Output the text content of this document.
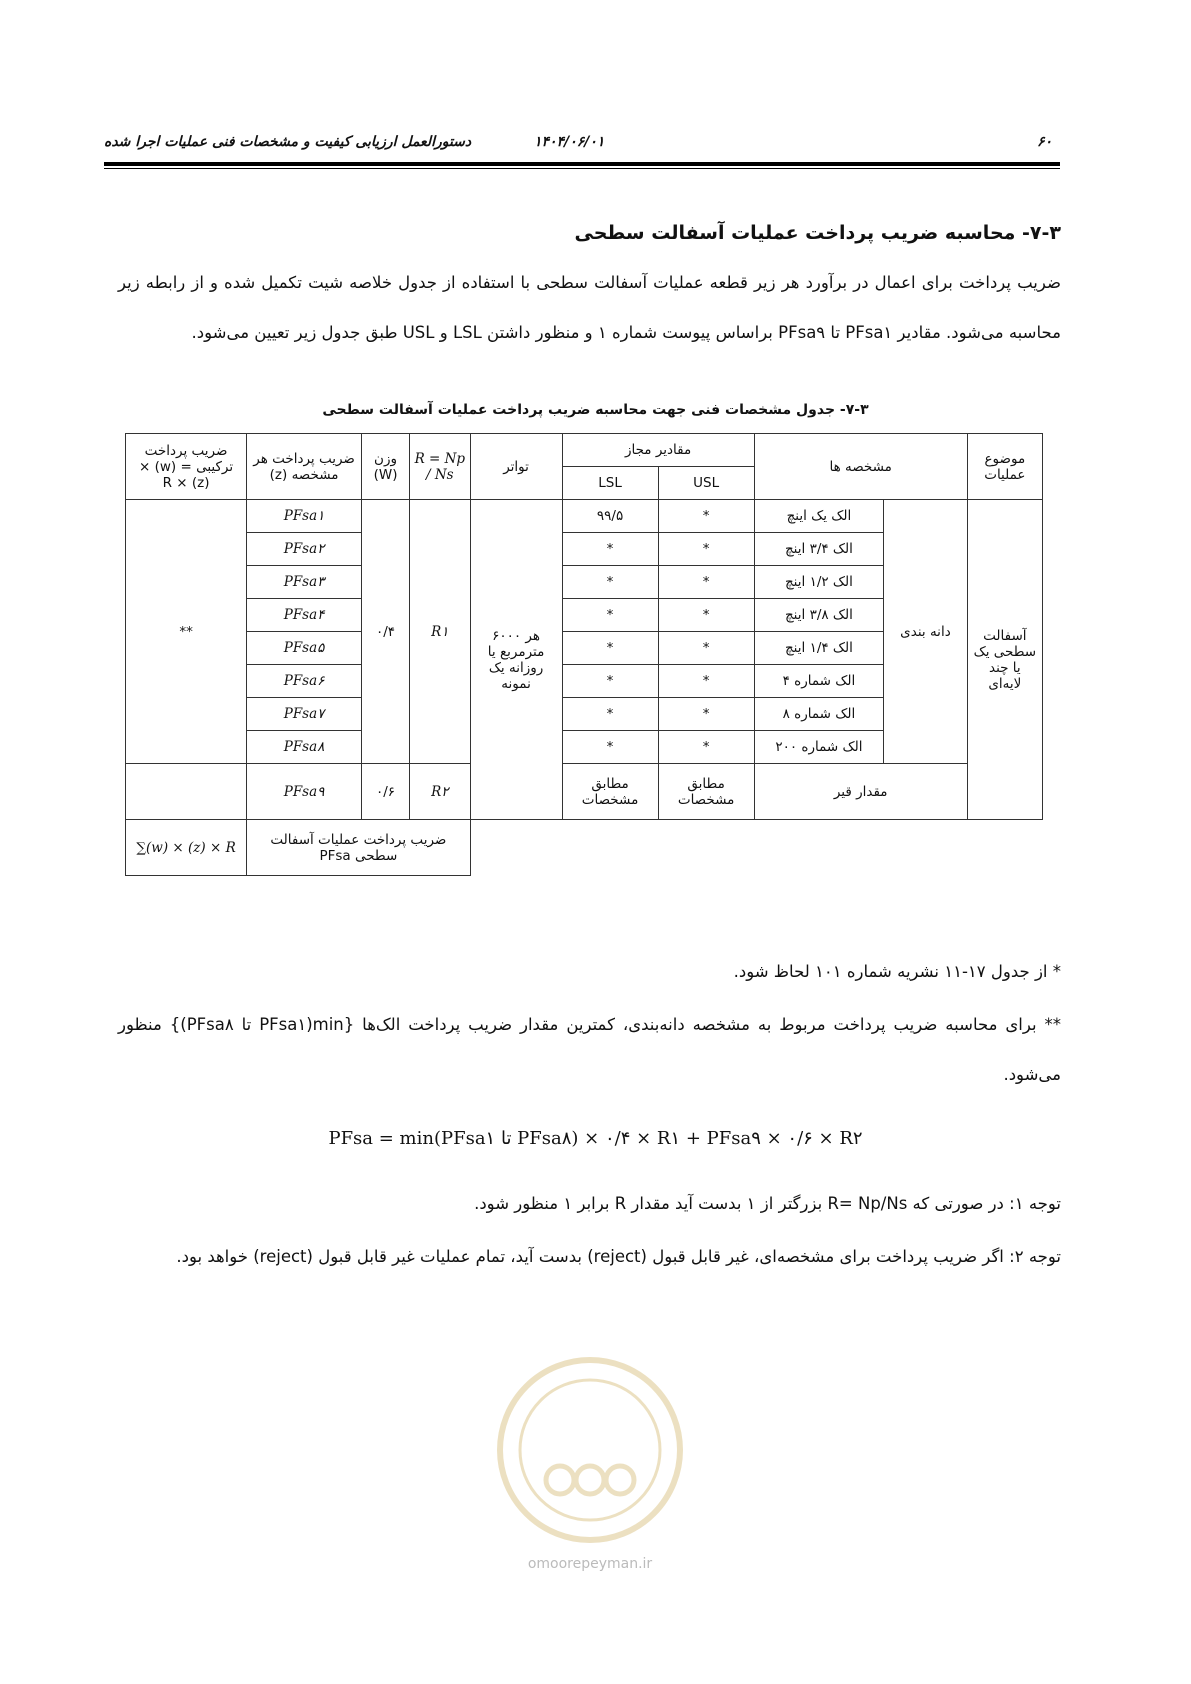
۶۰
۱۴۰۴/۰۶/۰۱
دستورالعمل ارزیابی کیفیت و مشخصات فنی عملیات اجرا شده
۷-۳- محاسبه ضریب پرداخت عملیات آسفالت سطحی
ضریب پرداخت برای اعمال در برآورد هر زیر قطعه عملیات آسفالت سطحی با استفاده از جدول خلاصه شیت تکمیل شده و از رابطه زیر محاسبه می‌شود. مقادیر PFsa۱ تا PFsa۹ براساس پیوست شماره ۱ و منظور داشتن LSL و USL طبق جدول زیر تعیین می‌شود.
۷-۳- جدول مشخصات فنی جهت محاسبه ضریب پرداخت عملیات آسفالت سطحی
ضریب پرداخت ترکیبی = (w) × (z) × R	ضریب پرداخت هر مشخصه (z)	وزن (W)	R = Np / Ns	تواتر	مقادیر مجاز		مشخصه ها		موضوع عملیات
					LSL	USL			
**	PFsa۱	۰/۴	R۱	هر ۶۰۰۰ مترمربع یا روزانه یک نمونه	۹۹/۵	*	الک یک اینچ	دانه بندی	آسفالت سطحی یک یا چند لایه‌ای
	PFsa۲				*	*	الک ۳/۴ اینچ		
	PFsa۳				*	*	الک ۱/۲ اینچ		
	PFsa۴				*	*	الک ۳/۸ اینچ		
	PFsa۵				*	*	الک ۱/۴ اینچ		
	PFsa۶				*	*	الک شماره ۴		
	PFsa۷				*	*	الک شماره ۸		
	PFsa۸				*	*	الک شماره ۲۰۰		
	PFsa۹	۰/۶	R۲		مطابق مشخصات	مطابق مشخصات	مقدار قیر		
∑(w) × (z) × R	ضریب پرداخت عملیات آسفالت سطحی PFsa								
* از جدول ۱۷-۱۱ نشریه شماره ۱۰۱ لحاظ شود.
** برای محاسبه ضریب پرداخت مربوط به مشخصه دانه‌بندی، کمترین مقدار ضریب پرداخت الک‌ها {min(PFsa۱ تا PFsa۸)} منظور می‌شود.
PFsa = min(PFsa۱ تا PFsa۸) × ۰/۴ × R۱ + PFsa۹ × ۰/۶ × R۲
توجه ۱: در صورتی که R= Np/Ns بزرگتر از ۱ بدست آید مقدار R برابر ۱ منظور شود.
توجه ۲: اگر ضریب پرداخت برای مشخصه‌ای، غیر قابل قبول (reject) بدست آید، تمام عملیات غیر قابل قبول (reject) خواهد بود.
omoorepeyman.ir
